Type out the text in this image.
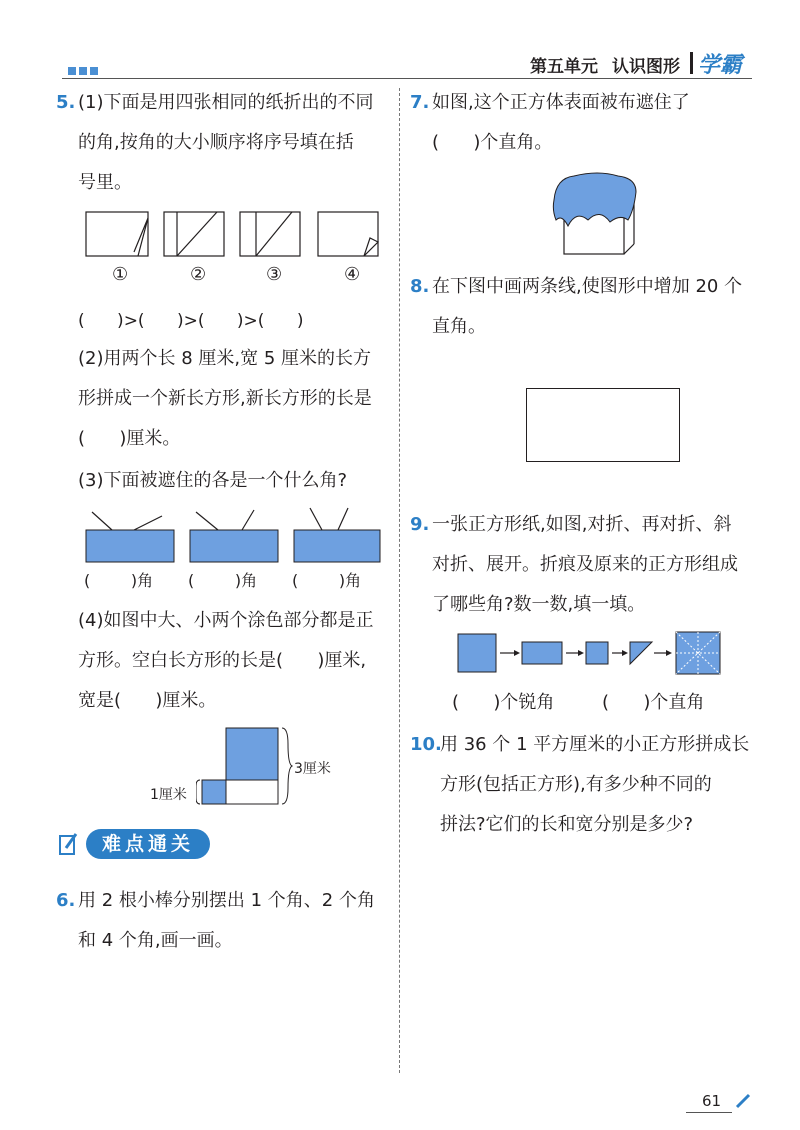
第五单元 认识图形 学霸
5. (1)下面是用四张相同的纸折出的不同
的角,按角的大小顺序将序号填在括
号里。
①	②	③	④
(      )>(      )>(      )>(      )
(2)用两个长 8 厘米,宽 5 厘米的长方
形拼成一个新长方形,新长方形的长是
(      )厘米。
(3)下面被遮住的各是一个什么角?
(        )角 (        )角 (        )角
(4)如图中大、小两个涂色部分都是正
方形。空白长方形的长是(      )厘米,
宽是(      )厘米。
3厘米
1厘米
难点通关
6. 用 2 根小棒分别摆出 1 个角、2 个角
和 4 个角,画一画。
7. 如图,这个正方体表面被布遮住了
(      )个直角。
8. 在下图中画两条线,使图形中增加 20 个
直角。
9. 一张正方形纸,如图,对折、再对折、斜
对折、展开。折痕及原来的正方形组成
了哪些角?数一数,填一填。
(      )个锐角	(      )个直角
10.
用 36 个 1 平方厘米的小正方形拼成长
方形(包括正方形),有多少种不同的
拼法?它们的长和宽分别是多少?
61
